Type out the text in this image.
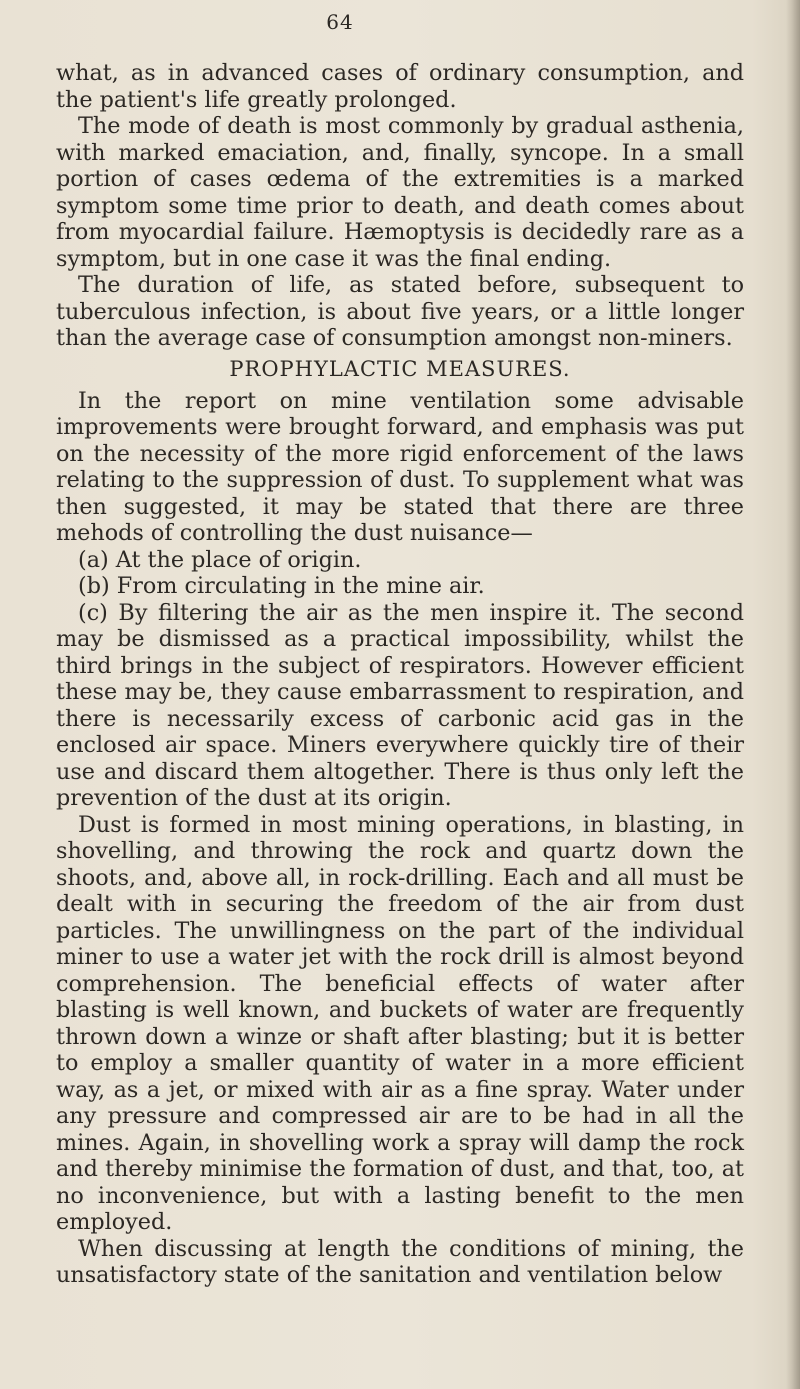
64

what, as in advanced cases of ordinary consumption, and the patient's life greatly prolonged.

The mode of death is most commonly by gradual asthenia, with marked emaciation, and, finally, syncope. In a small portion of cases œdema of the extremities is a marked symptom some time prior to death, and death comes about from myocardial failure. Hæmoptysis is decidedly rare as a symptom, but in one case it was the final ending.

The duration of life, as stated before, subsequent to tuberculous infection, is about five years, or a little longer than the average case of consumption amongst non-miners.

PROPHYLACTIC MEASURES.

In the report on mine ventilation some advisable improvements were brought forward, and emphasis was put on the necessity of the more rigid enforcement of the laws relating to the suppression of dust. To supplement what was then suggested, it may be stated that there are three mehods of controlling the dust nuisance—

(a) At the place of origin.

(b) From circulating in the mine air.

(c) By filtering the air as the men inspire it. The second may be dismissed as a practical impossibility, whilst the third brings in the subject of respirators. However efficient these may be, they cause embarrassment to respiration, and there is necessarily excess of carbonic acid gas in the enclosed air space. Miners everywhere quickly tire of their use and discard them altogether. There is thus only left the prevention of the dust at its origin.

Dust is formed in most mining operations, in blasting, in shovelling, and throwing the rock and quartz down the shoots, and, above all, in rock-drilling. Each and all must be dealt with in securing the freedom of the air from dust particles. The unwillingness on the part of the individual miner to use a water jet with the rock drill is almost beyond comprehension. The beneficial effects of water after blasting is well known, and buckets of water are frequently thrown down a winze or shaft after blasting; but it is better to employ a smaller quantity of water in a more efficient way, as a jet, or mixed with air as a fine spray. Water under any pressure and compressed air are to be had in all the mines. Again, in shovelling work a spray will damp the rock and thereby minimise the formation of dust, and that, too, at no inconvenience, but with a lasting benefit to the men employed.

When discussing at length the conditions of mining, the unsatisfactory state of the sanitation and ventilation below
